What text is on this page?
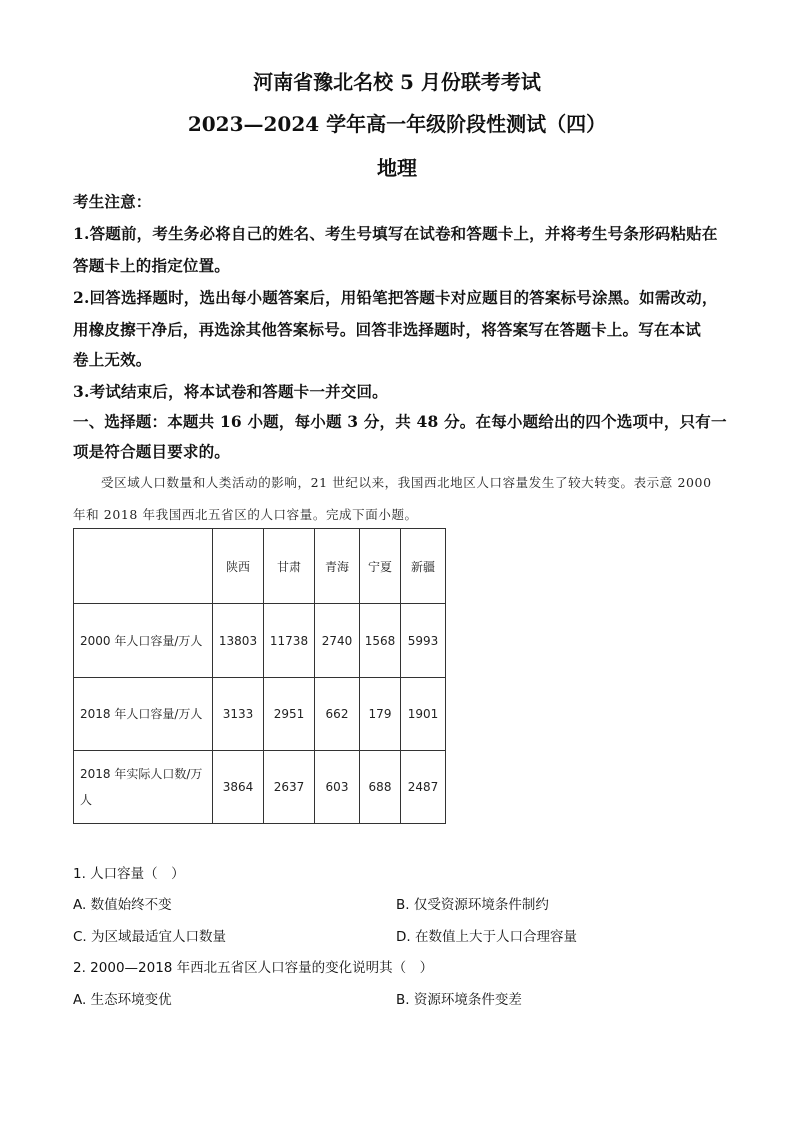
河南省豫北名校 5 月份联考考试
2023—2024 学年高一年级阶段性测试（四）
地理
考生注意：
1.答题前，考生务必将自己的姓名、考生号填写在试卷和答题卡上，并将考生号条形码粘贴在
答题卡上的指定位置。
2.回答选择题时，选出每小题答案后，用铅笔把答题卡对应题目的答案标号涂黑。如需改动，
用橡皮擦干净后，再选涂其他答案标号。回答非选择题时，将答案写在答题卡上。写在本试
卷上无效。
3.考试结束后，将本试卷和答题卡一并交回。
一、选择题：本题共 16 小题，每小题 3 分，共 48 分。在每小题给出的四个选项中，只有一
项是符合题目要求的。
受区域人口数量和人类活动的影响，21 世纪以来，我国西北地区人口容量发生了较大转变。表示意 2000
年和 2018 年我国西北五省区的人口容量。完成下面小题。
	陕西	甘肃	青海	宁夏	新疆
2000 年人口容量/万人	13803	11738	2740	1568	5993
2018 年人口容量/万人	3133	2951	662	179	1901
2018 年实际人口数/万人	3864	2637	603	688	2487
1. 人口容量（　）
A. 数值始终不变	B. 仅受资源环境条件制约
C. 为区域最适宜人口数量	D. 在数值上大于人口合理容量
2. 2000—2018 年西北五省区人口容量的变化说明其（　）
A. 生态环境变优	B. 资源环境条件变差
